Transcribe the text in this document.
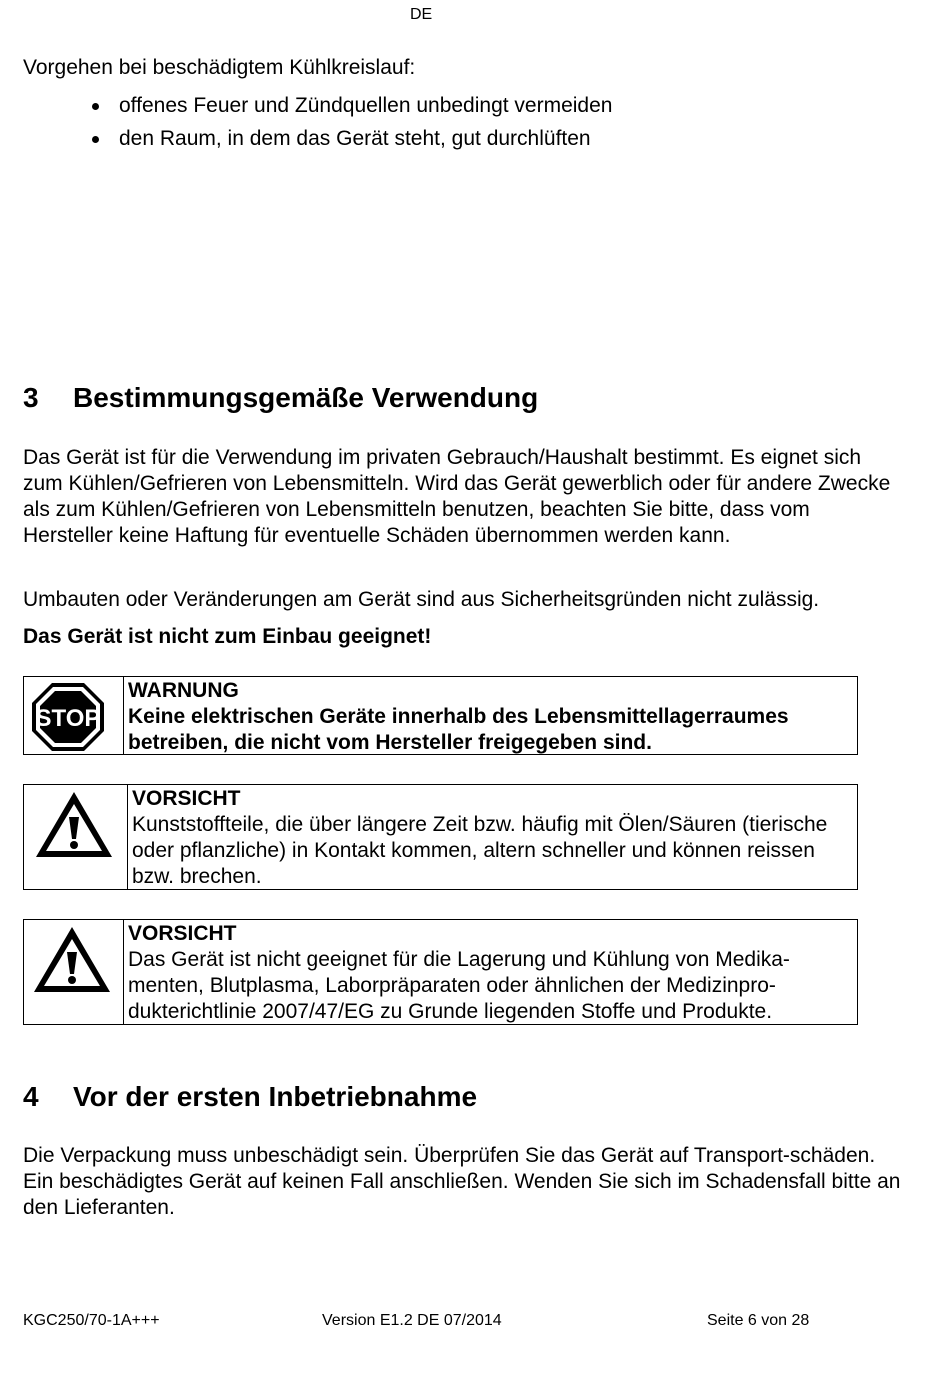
DE
Vorgehen bei beschädigtem Kühlkreislauf:
offenes Feuer und Zündquellen unbedingt vermeiden
den Raum, in dem das Gerät steht, gut durchlüften
3 Bestimmungsgemäße Verwendung

Das Gerät ist für die Verwendung im privaten Gebrauch/Haushalt bestimmt. Es eignet sich zum Kühlen/Gefrieren von Lebensmitteln. Wird das Gerät gewerblich oder für andere Zwecke als zum Kühlen/Gefrieren von Lebensmitteln benutzen, beachten Sie bitte, dass vom Hersteller keine Haftung für eventuelle Schäden übernommen werden kann.

Umbauten oder Veränderungen am Gerät sind aus Sicherheitsgründen nicht zulässig.

Das Gerät ist nicht zum Einbau geeignet!

STOP
WARNUNG
Keine elektrischen Geräte innerhalb des Lebensmittellagerraumes betreiben, die nicht vom Hersteller freigegeben sind.
VORSICHT
Kunststoffteile, die über längere Zeit bzw. häufig mit Ölen/Säuren (tierische oder pflanzliche) in Kontakt kommen, altern schneller und können reissen bzw. brechen.
VORSICHT
Das Gerät ist nicht geeignet für die Lagerung und Kühlung von Medika-menten, Blutplasma, Laborpräparaten oder ähnlichen der Medizinpro-dukterichtlinie 2007/47/EG zu Grunde liegenden Stoffe und Produkte.
4 Vor der ersten Inbetriebnahme

Die Verpackung muss unbeschädigt sein. Überprüfen Sie das Gerät auf Transport-schäden. Ein beschädigtes Gerät auf keinen Fall anschließen. Wenden Sie sich im Schadensfall bitte an den Lieferanten.

KGC250/70-1A+++	Version E1.2 DE 07/2014	Seite 6 von 28
